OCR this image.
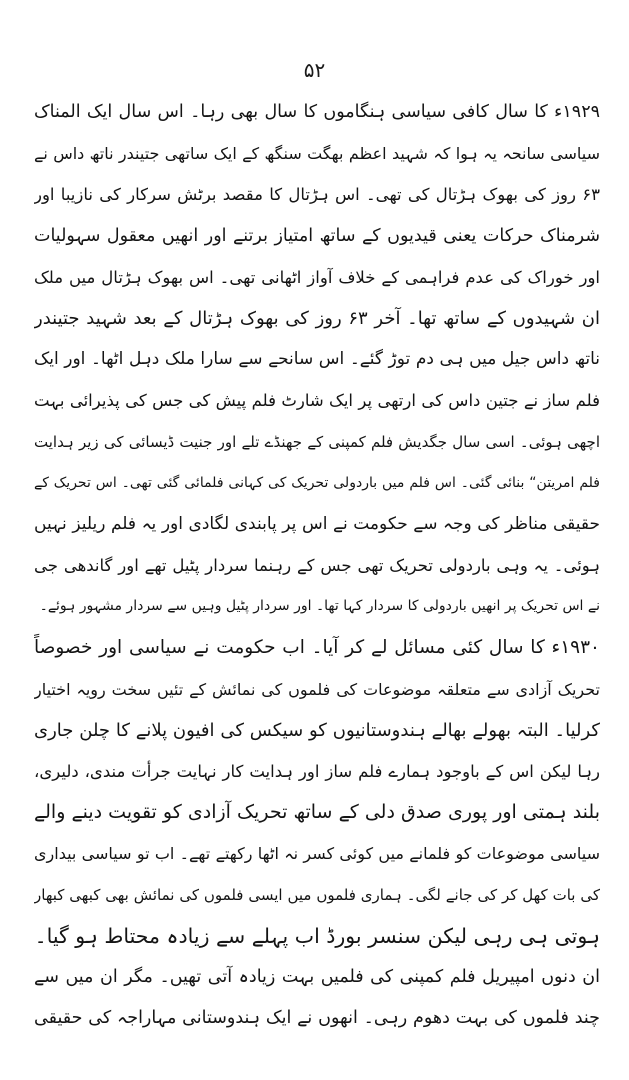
۵۲
۱۹۲۹ء کا سال کافی سیاسی ہنگاموں کا سال بھی رہا۔ اس سال ایک المناک
سیاسی سانحہ یہ ہوا کہ شہید اعظم بھگت سنگھ کے ایک ساتھی جتیندر ناتھ داس نے
۶۳ روز کی بھوک ہڑتال کی تھی۔ اس ہڑتال کا مقصد برٹش سرکار کی نازیبا اور
شرمناک حرکات یعنی قیدیوں کے ساتھ امتیاز برتنے اور انھیں معقول سہولیات
اور خوراک کی عدم فراہمی کے خلاف آواز اٹھانی تھی۔ اس بھوک ہڑتال میں ملک
ان شہیدوں کے ساتھ تھا۔ آخر ۶۳ روز کی بھوک ہڑتال کے بعد شہید جتیندر
ناتھ داس جیل میں ہی دم توڑ گئے۔ اس سانحے سے سارا ملک دہل اٹھا۔ اور ایک
فلم ساز نے جتین داس کی ارتھی پر ایک شارٹ فلم پیش کی جس کی پذیرائی بہت
اچھی ہوئی۔ اسی سال جگدیش فلم کمپنی کے جھنڈے تلے اور جنیت ڈیسائی کی زیر ہدایت
فلم امریتن“ بنائی گئی۔ اس فلم میں باردولی تحریک کی کہانی فلمائی گئی تھی۔ اس تحریک کے
حقیقی مناظر کی وجہ سے حکومت نے اس پر پابندی لگادی اور یہ فلم ریلیز نہیں
ہوئی۔ یہ وہی باردولی تحریک تھی جس کے رہنما سردار پٹیل تھے اور گاندھی جی
نے اس تحریک پر انھیں باردولی کا سردار کہا تھا۔ اور سردار پٹیل وہیں سے سردار مشہور ہوئے۔
۱۹۳۰ء کا سال کئی مسائل لے کر آیا۔ اب حکومت نے سیاسی اور خصوصاً
تحریک آزادی سے متعلقہ موضوعات کی فلموں کی نمائش کے تئیں سخت رویہ اختیار
کرلیا۔ البتہ بھولے بھالے ہندوستانیوں کو سیکس کی افیون پلانے کا چلن جاری
رہا لیکن اس کے باوجود ہمارے فلم ساز اور ہدایت کار نہایت جرأت مندی، دلیری،
بلند ہمتی اور پوری صدق دلی کے ساتھ تحریک آزادی کو تقویت دینے والے
سیاسی موضوعات کو فلمانے میں کوئی کسر نہ اٹھا رکھتے تھے۔ اب تو سیاسی بیداری
کی بات کھل کر کی جانے لگی۔ ہماری فلموں میں ایسی فلموں کی نمائش بھی کبھی کبھار
ہوتی ہی رہی لیکن سنسر بورڈ اب پہلے سے زیادہ محتاط ہو گیا۔
ان دنوں امپیریل فلم کمپنی کی فلمیں بہت زیادہ آتی تھیں۔ مگر ان میں سے
چند فلموں کی بہت دھوم رہی۔ انھوں نے ایک ہندوستانی مہاراجہ کی حقیقی
